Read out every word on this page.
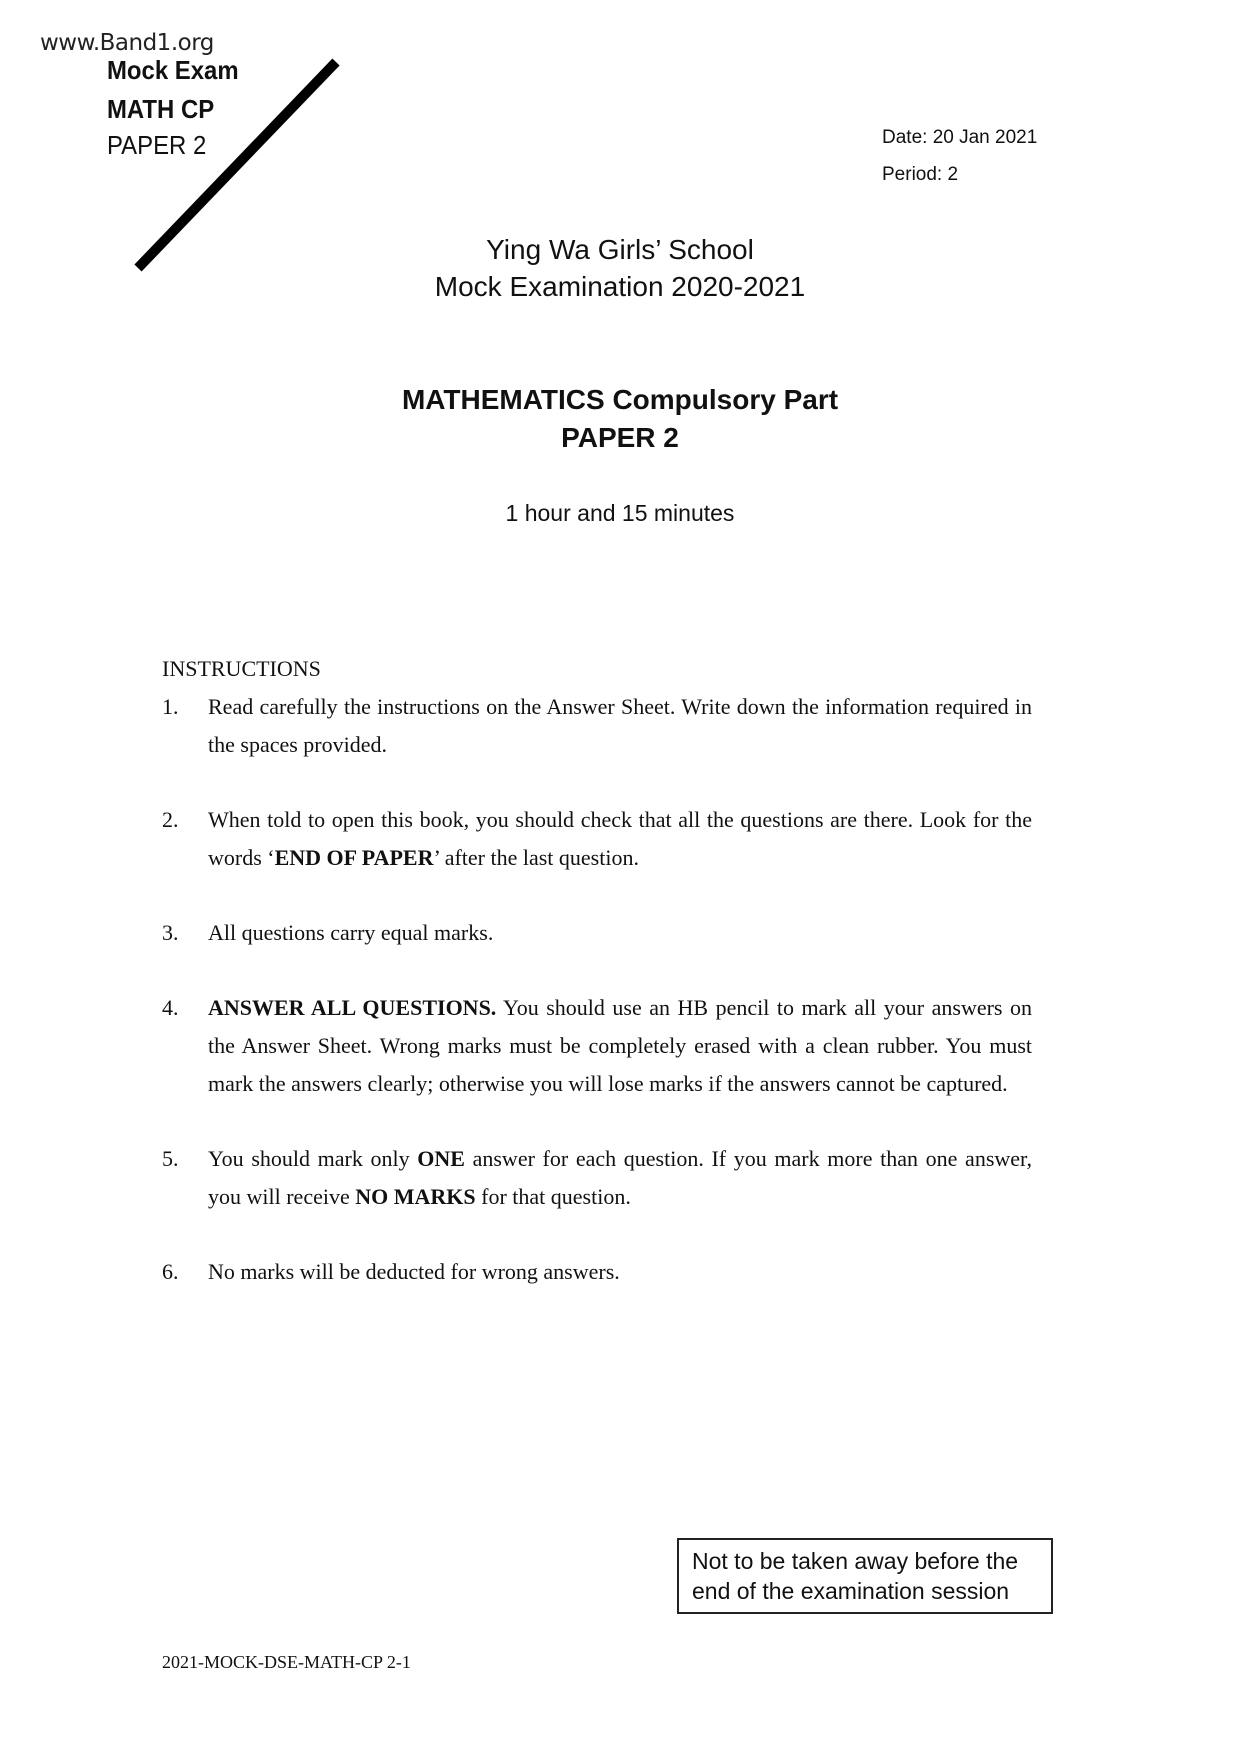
www.Band1.org
Mock Exam
MATH CP
PAPER 2	Date: 20 Jan 2021
Period: 2
Ying Wa Girls’ School
Mock Examination 2020-2021
MATHEMATICS Compulsory Part
PAPER 2
1 hour and 15 minutes
INSTRUCTIONS
1.	Read carefully the instructions on the Answer Sheet. Write down the information required in the spaces provided.
2.	When told to open this book, you should check that all the questions are there. Look for the words ‘END OF PAPER’ after the last question.
3.	All questions carry equal marks.
4.	ANSWER ALL QUESTIONS. You should use an HB pencil to mark all your answers on the Answer Sheet. Wrong marks must be completely erased with a clean rubber. You must mark the answers clearly; otherwise you will lose marks if the answers cannot be captured.
5.	You should mark only ONE answer for each question. If you mark more than one answer, you will receive NO MARKS for that question.
6.	No marks will be deducted for wrong answers.
Not to be taken away before the end of the examination session
2021-MOCK-DSE-MATH-CP 2-1
